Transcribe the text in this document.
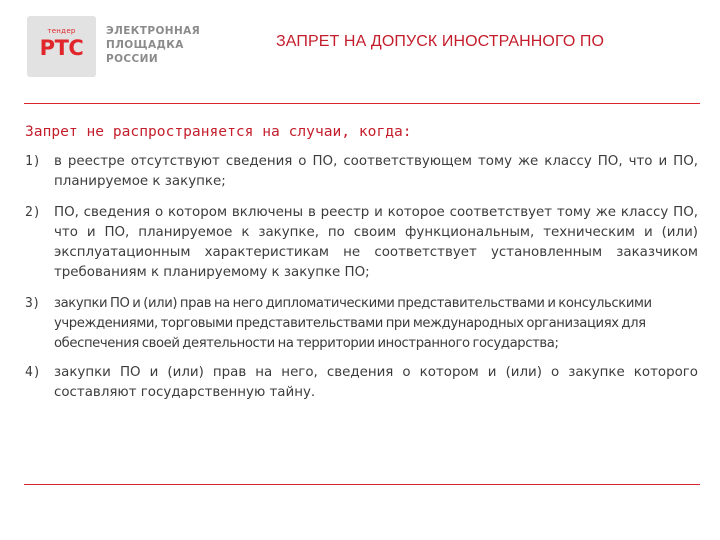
тендер
РТС
ЭЛЕКТРОННАЯ
ПЛОЩАДКА
РОССИИ
ЗАПРЕТ НА ДОПУСК ИНОСТРАННОГО ПО
Запрет не распространяется на случаи, когда:
1) в реестре отсутствуют сведения о ПО, соответствующем тому же классу ПО, что и ПО, планируемое к закупке;
2) ПО, сведения о котором включены в реестр и которое соответствует тому же классу ПО, что и ПО, планируемое к закупке, по своим функциональным, техническим и (или) эксплуатационным характеристикам не соответствует установленным заказчиком требованиям к планируемому к закупке ПО;
3) закупки ПО и (или) прав на него дипломатическими представительствами и консульскими учреждениями, торговыми представительствами при международных организациях для обеспечения своей деятельности на территории иностранного государства;
4) закупки ПО и (или) прав на него, сведения о котором и (или) о закупке которого составляют государственную тайну.
